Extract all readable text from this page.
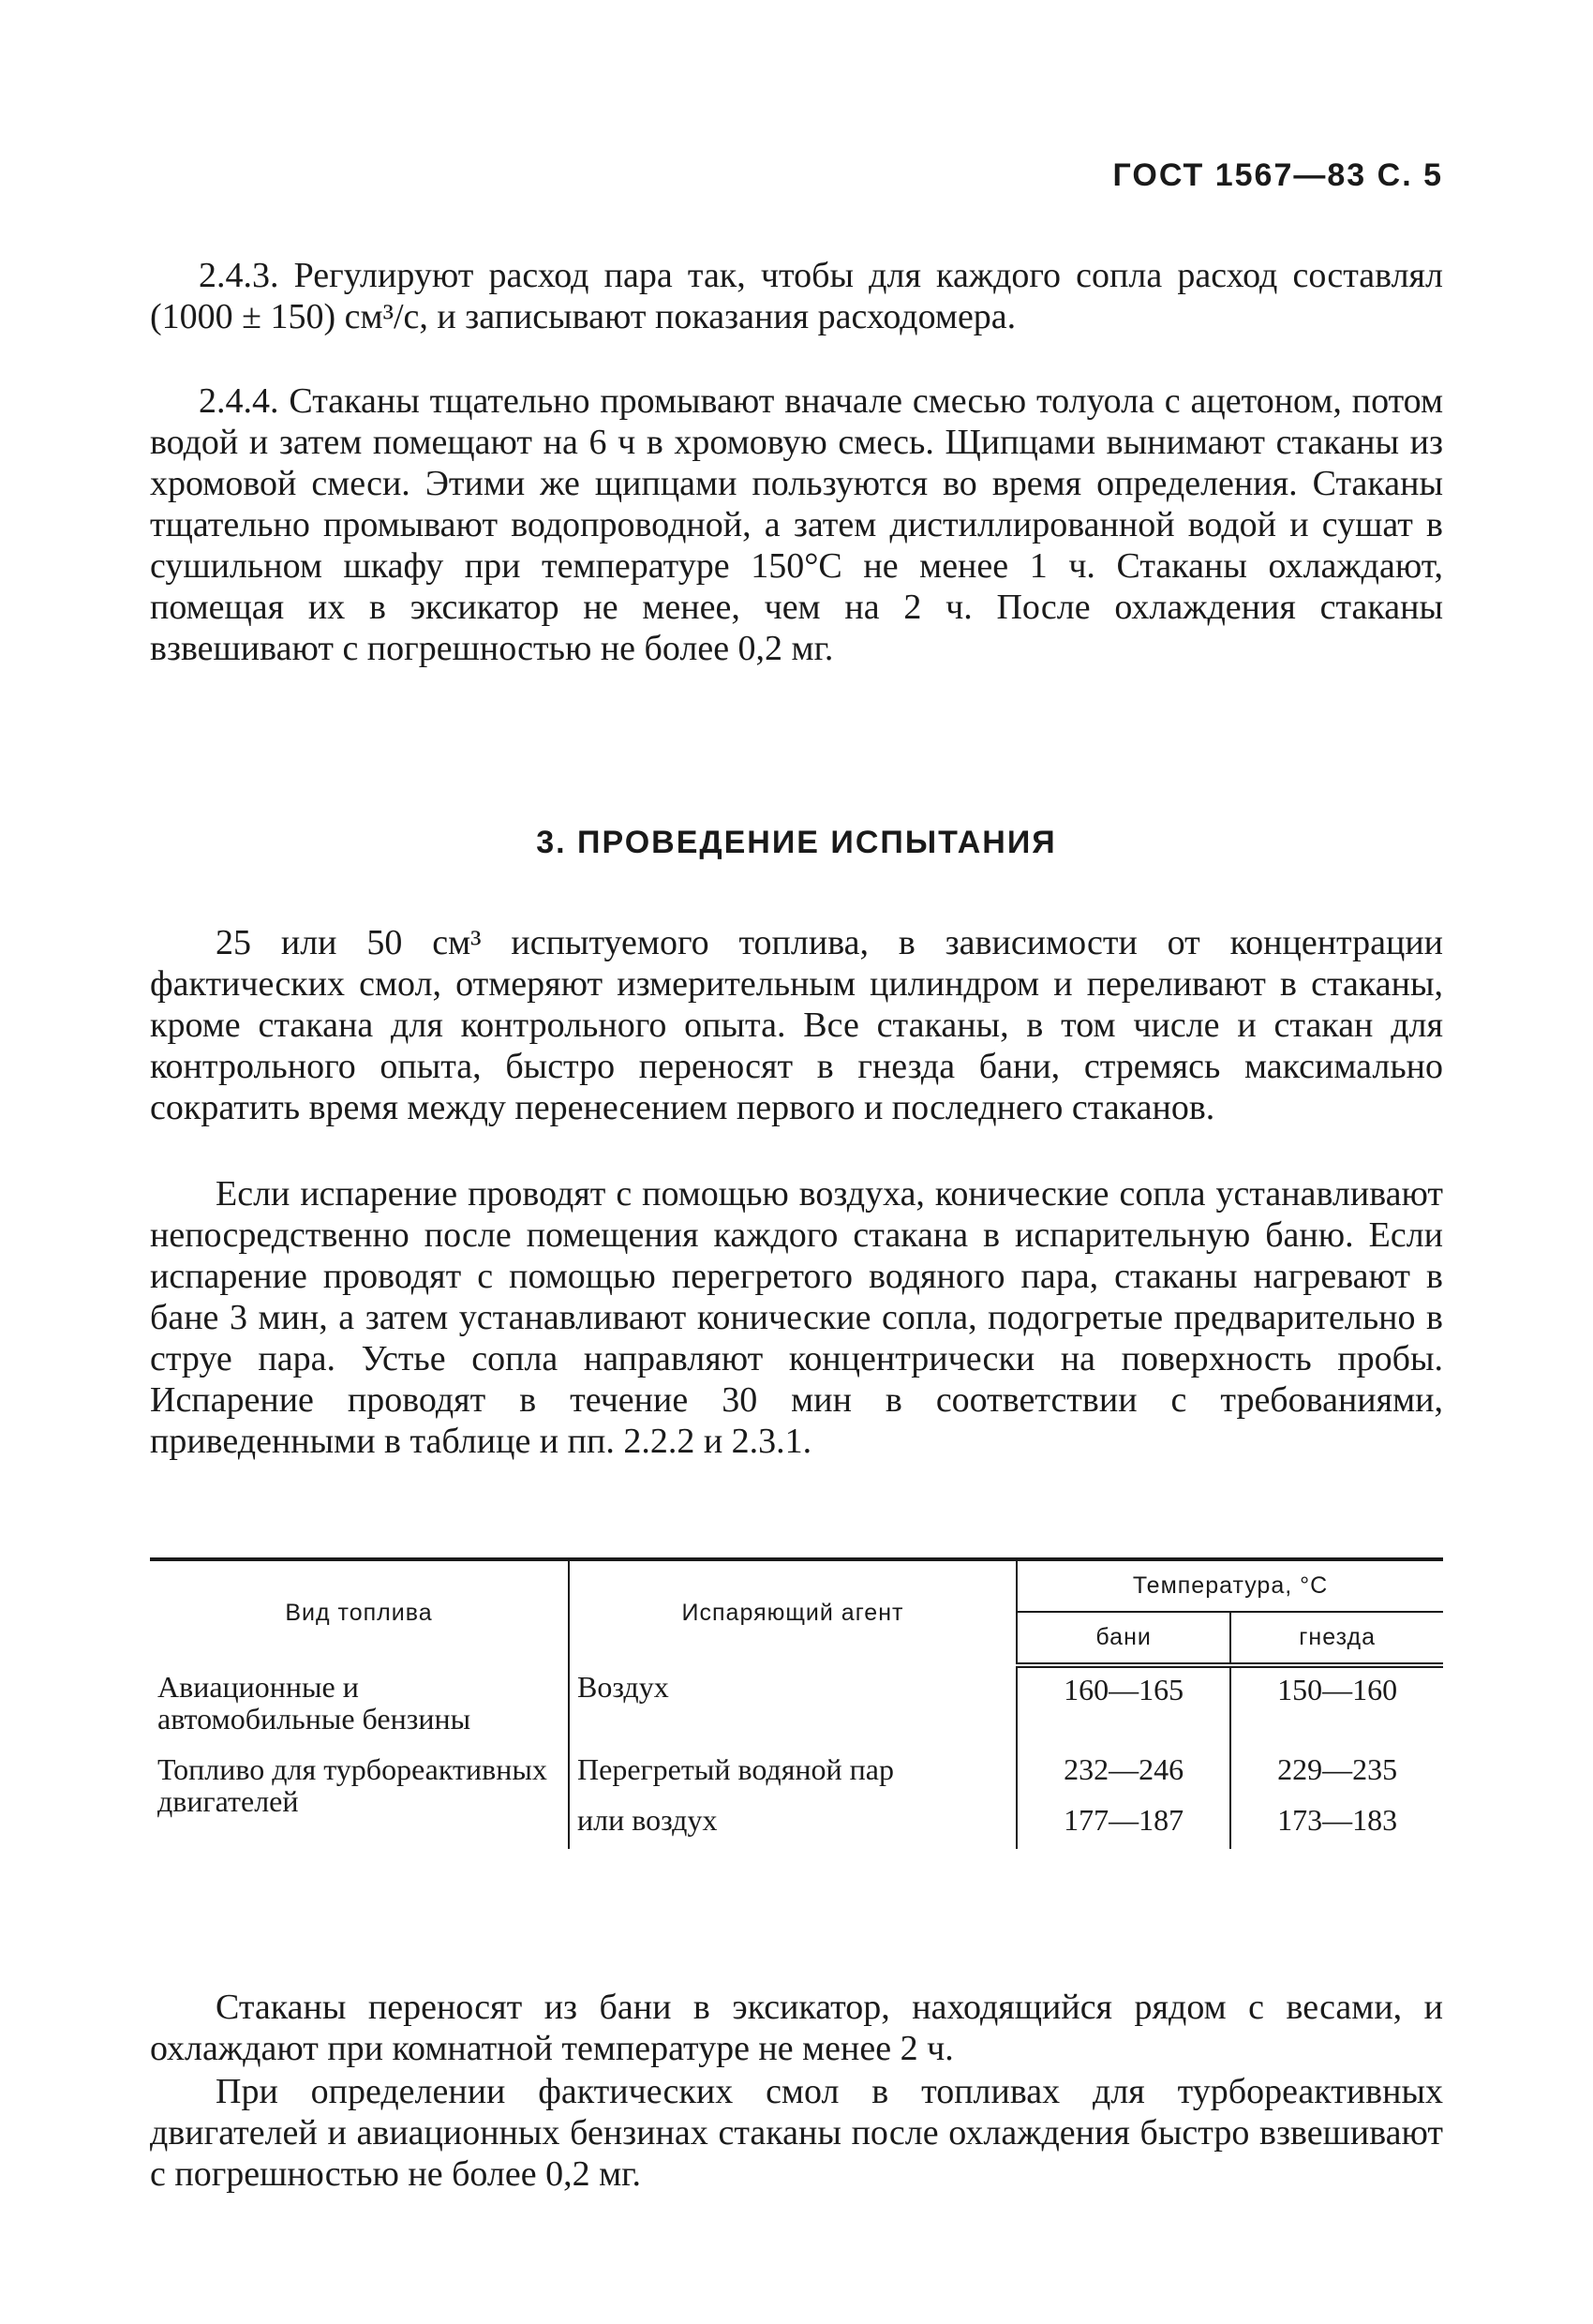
ГОСТ 1567—83 С. 5

2.4.3. Регулируют расход пара так, чтобы для каждого сопла расход составлял (1000 ± 150) см³/с, и записывают показания расходомера.

2.4.4. Стаканы тщательно промывают вначале смесью толуола с ацетоном, потом водой и затем помещают на 6 ч в хромовую смесь. Щипцами вынимают стаканы из хромовой смеси. Этими же щипцами пользуются во время определения. Стаканы тщательно промывают водопроводной, а затем дистиллированной водой и сушат в сушильном шкафу при температуре 150°С не менее 1 ч. Стаканы охлаждают, помещая их в эксикатор не менее, чем на 2 ч. После охлаждения стаканы взвешивают с погрешностью не более 0,2 мг.

3. ПРОВЕДЕНИЕ ИСПЫТАНИЯ

25 или 50 см³ испытуемого топлива, в зависимости от концентрации фактических смол, отмеряют измерительным цилиндром и переливают в стаканы, кроме стакана для контрольного опыта. Все стаканы, в том числе и стакан для контрольного опыта, быстро переносят в гнезда бани, стремясь максимально сократить время между перенесением первого и последнего стаканов.

Если испарение проводят с помощью воздуха, конические сопла устанавливают непосредственно после помещения каждого стакана в испарительную баню. Если испарение проводят с помощью перегретого водяного пара, стаканы нагревают в бане 3 мин, а затем устанавливают конические сопла, подогретые предварительно в струе пара. Устье сопла направляют концентрически на поверхность пробы. Испарение проводят в течение 30 мин в соответствии с требованиями, приведенными в таблице и пп. 2.2.2 и 2.3.1.

Вид топлива	Испаряющий агент	Температура, °С	
		бани	гнезда
Авиационные и автомобильные бензины	Воздух	160—165	150—160
Топливо для турбореактивных двигателей	Перегретый водяной пар	232—246	229—235
	или воздух	177—187	173—183

Стаканы переносят из бани в эксикатор, находящийся рядом с весами, и охлаждают при комнатной температуре не менее 2 ч.

При определении фактических смол в топливах для турбореактивных двигателей и авиационных бензинах стаканы после охлаждения быстро взвешивают с погрешностью не более 0,2 мг.
